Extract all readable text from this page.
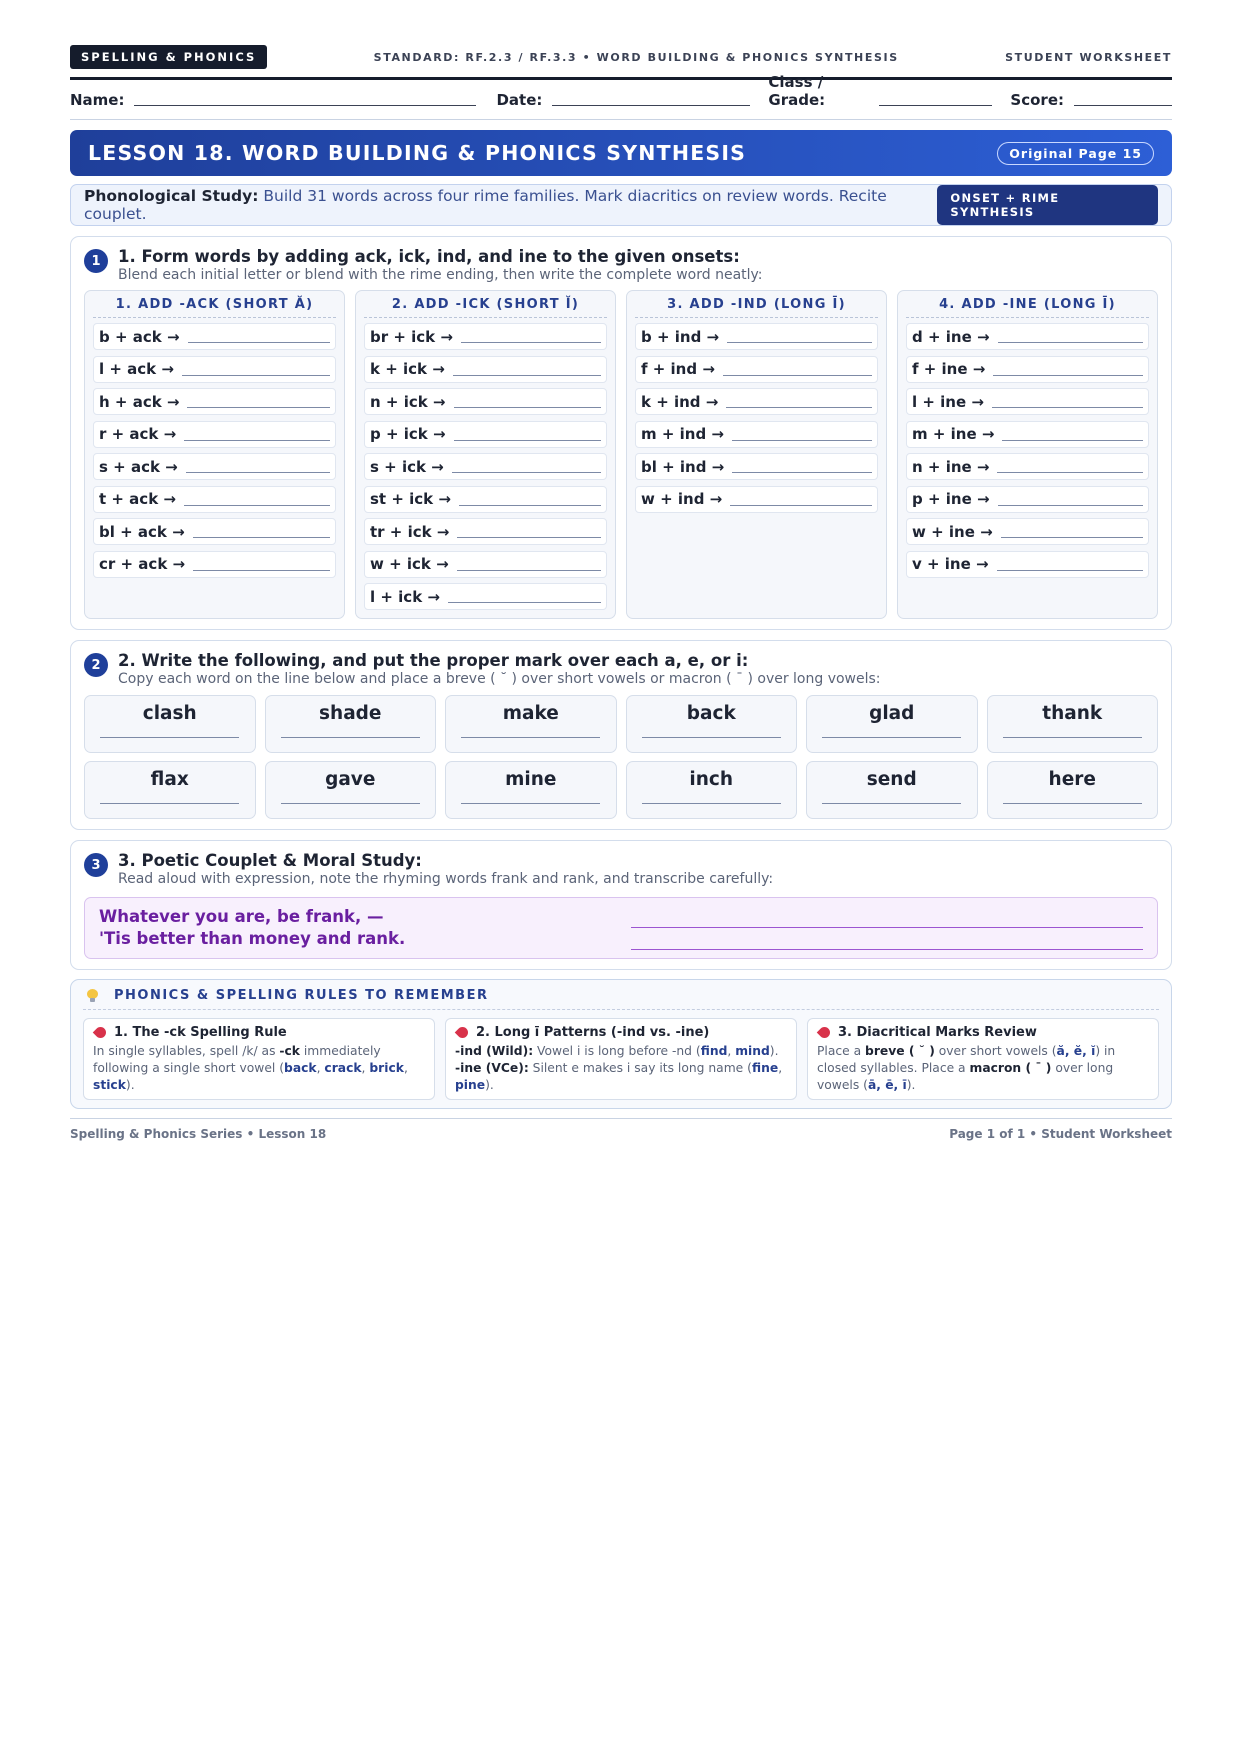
SPELLING & PHONICS	STANDARD: RF.2.3 / RF.3.3 • WORD BUILDING & PHONICS SYNTHESIS	STUDENT WORKSHEET
Name:	Date:
Class / Grade:	Score:
LESSON 18. WORD BUILDING & PHONICS SYNTHESIS	Original Page 15
Phonological Study: Build 31 words across four rime families. Mark diacritics on review words. Recite couplet.
ONSET + RIME SYNTHESIS
1	1. Form words by adding ack, ick, ind, and ine to the given onsets:
Blend each initial letter or blend with the rime ending, then write the complete word neatly:
1. ADD -ACK (SHORT Ă)
b + ack →
l + ack →
h + ack →
r + ack →
s + ack →
t + ack →
bl + ack →
cr + ack →
2. ADD -ICK (SHORT Ĭ)
br + ick →
k + ick →
n + ick →
p + ick →
s + ick →
st + ick →
tr + ick →
w + ick →
l + ick →
3. ADD -IND (LONG Ī)
b + ind →
f + ind →
k + ind →
m + ind →
bl + ind →
w + ind →
4. ADD -INE (LONG Ī)
d + ine →
f + ine →
l + ine →
m + ine →
n + ine →
p + ine →
w + ine →
v + ine →
2	2. Write the following, and put the proper mark over each a, e, or i:
Copy each word on the line below and place a breve ( ˘ ) over short vowels or macron ( ¯ ) over long vowels:
clash	shade	make	back	glad	thank
flax	gave	mine	inch	send	here
3	3. Poetic Couplet & Moral Study:
Read aloud with expression, note the rhyming words frank and rank, and transcribe carefully:
Whatever you are, be frank, —
'Tis better than money and rank.
PHONICS & SPELLING RULES TO REMEMBER
1. The -ck Spelling Rule
In single syllables, spell /k/ as -ck immediately following a single short vowel (back, crack, brick, stick).
2. Long ī Patterns (-ind vs. -ine)
-ind (Wild): Vowel i is long before -nd (find, mind). -ine (VCe): Silent e makes i say its long name (fine, pine).
3. Diacritical Marks Review
Place a breve ( ˘ ) over short vowels (ă, ĕ, ĭ) in closed syllables. Place a macron ( ¯ ) over long vowels (ā, ē, ī).
Spelling & Phonics Series • Lesson 18	Page 1 of 1 • Student Worksheet
